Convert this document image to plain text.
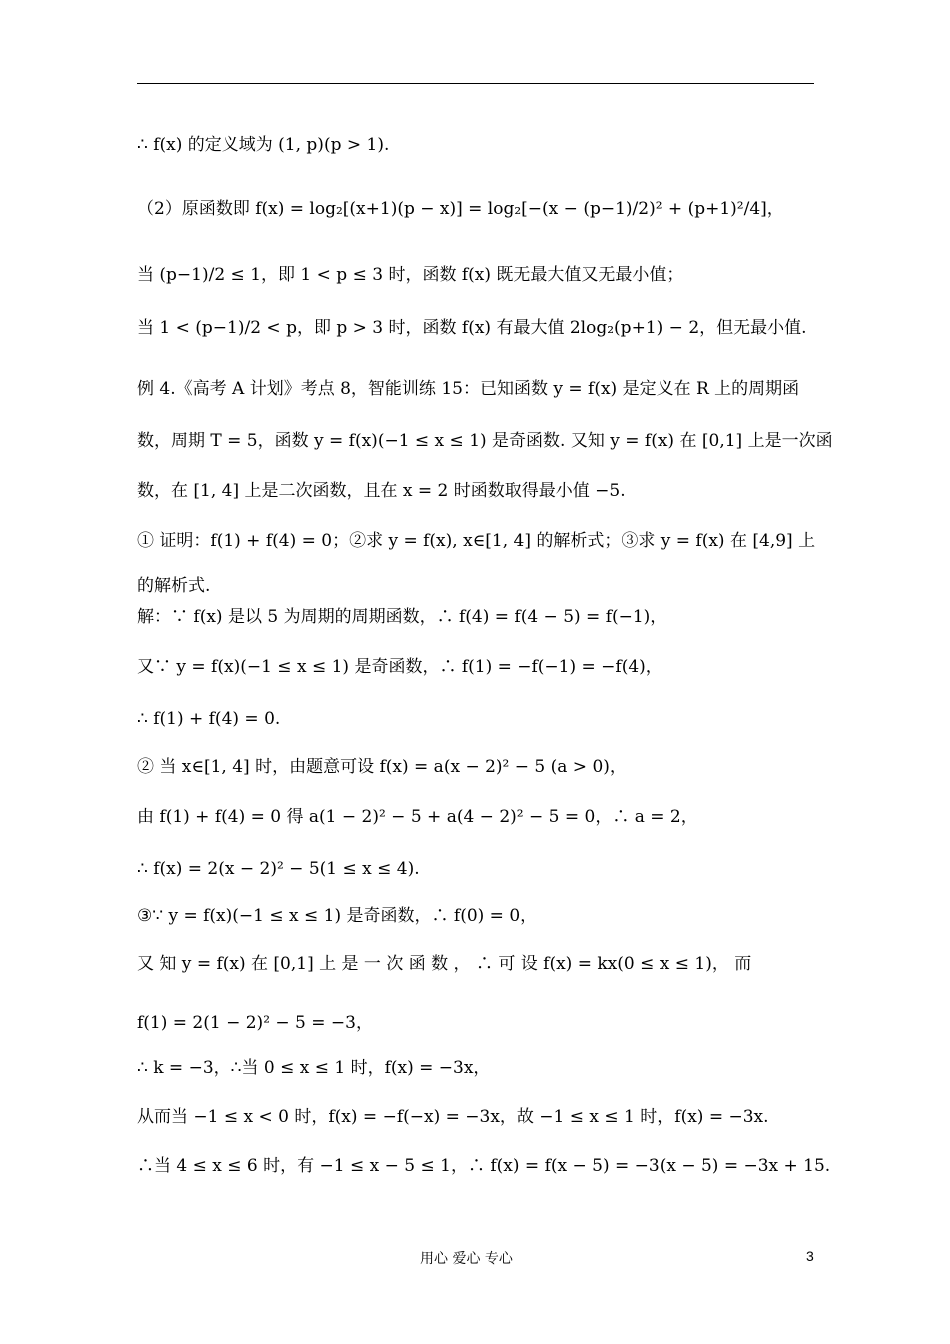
∴ f(x) 的定义域为 (1, p)(p > 1).
（2）原函数即 f(x) = log₂[(x+1)(p − x)] = log₂[−(x − (p−1)/2)² + (p+1)²/4]，
当 (p−1)/2 ≤ 1，即 1 < p ≤ 3 时，函数 f(x) 既无最大值又无最小值；
当 1 < (p−1)/2 < p，即 p > 3 时，函数 f(x) 有最大值 2log₂(p+1) − 2，但无最小值.
例 4.《高考 A 计划》考点 8，智能训练 15：已知函数 y = f(x) 是定义在 R 上的周期函
数，周期 T = 5，函数 y = f(x)(−1 ≤ x ≤ 1) 是奇函数. 又知 y = f(x) 在 [0,1] 上是一次函
数，在 [1, 4] 上是二次函数，且在 x = 2 时函数取得最小值 −5.
① 证明：f(1) + f(4) = 0；②求 y = f(x), x∈[1, 4] 的解析式；③求 y = f(x) 在 [4,9] 上
的解析式.
解：∵ f(x) 是以 5 为周期的周期函数，∴ f(4) = f(4 − 5) = f(−1)，
又∵ y = f(x)(−1 ≤ x ≤ 1) 是奇函数，∴ f(1) = −f(−1) = −f(4)，
∴ f(1) + f(4) = 0.
② 当 x∈[1, 4] 时，由题意可设 f(x) = a(x − 2)² − 5 (a > 0)，
由 f(1) + f(4) = 0 得 a(1 − 2)² − 5 + a(4 − 2)² − 5 = 0，∴ a = 2，
∴ f(x) = 2(x − 2)² − 5(1 ≤ x ≤ 4).
③∵ y = f(x)(−1 ≤ x ≤ 1) 是奇函数，∴ f(0) = 0，
又 知 y = f(x) 在 [0,1] 上 是 一 次 函 数 ， ∴ 可 设 f(x) = kx(0 ≤ x ≤ 1)， 而
f(1) = 2(1 − 2)² − 5 = −3，
∴ k = −3，∴当 0 ≤ x ≤ 1 时，f(x) = −3x，
从而当 −1 ≤ x < 0 时，f(x) = −f(−x) = −3x，故 −1 ≤ x ≤ 1 时，f(x) = −3x.
∴当 4 ≤ x ≤ 6 时，有 −1 ≤ x − 5 ≤ 1，∴ f(x) = f(x − 5) = −3(x − 5) = −3x + 15.
用心 爱心 专心	3
